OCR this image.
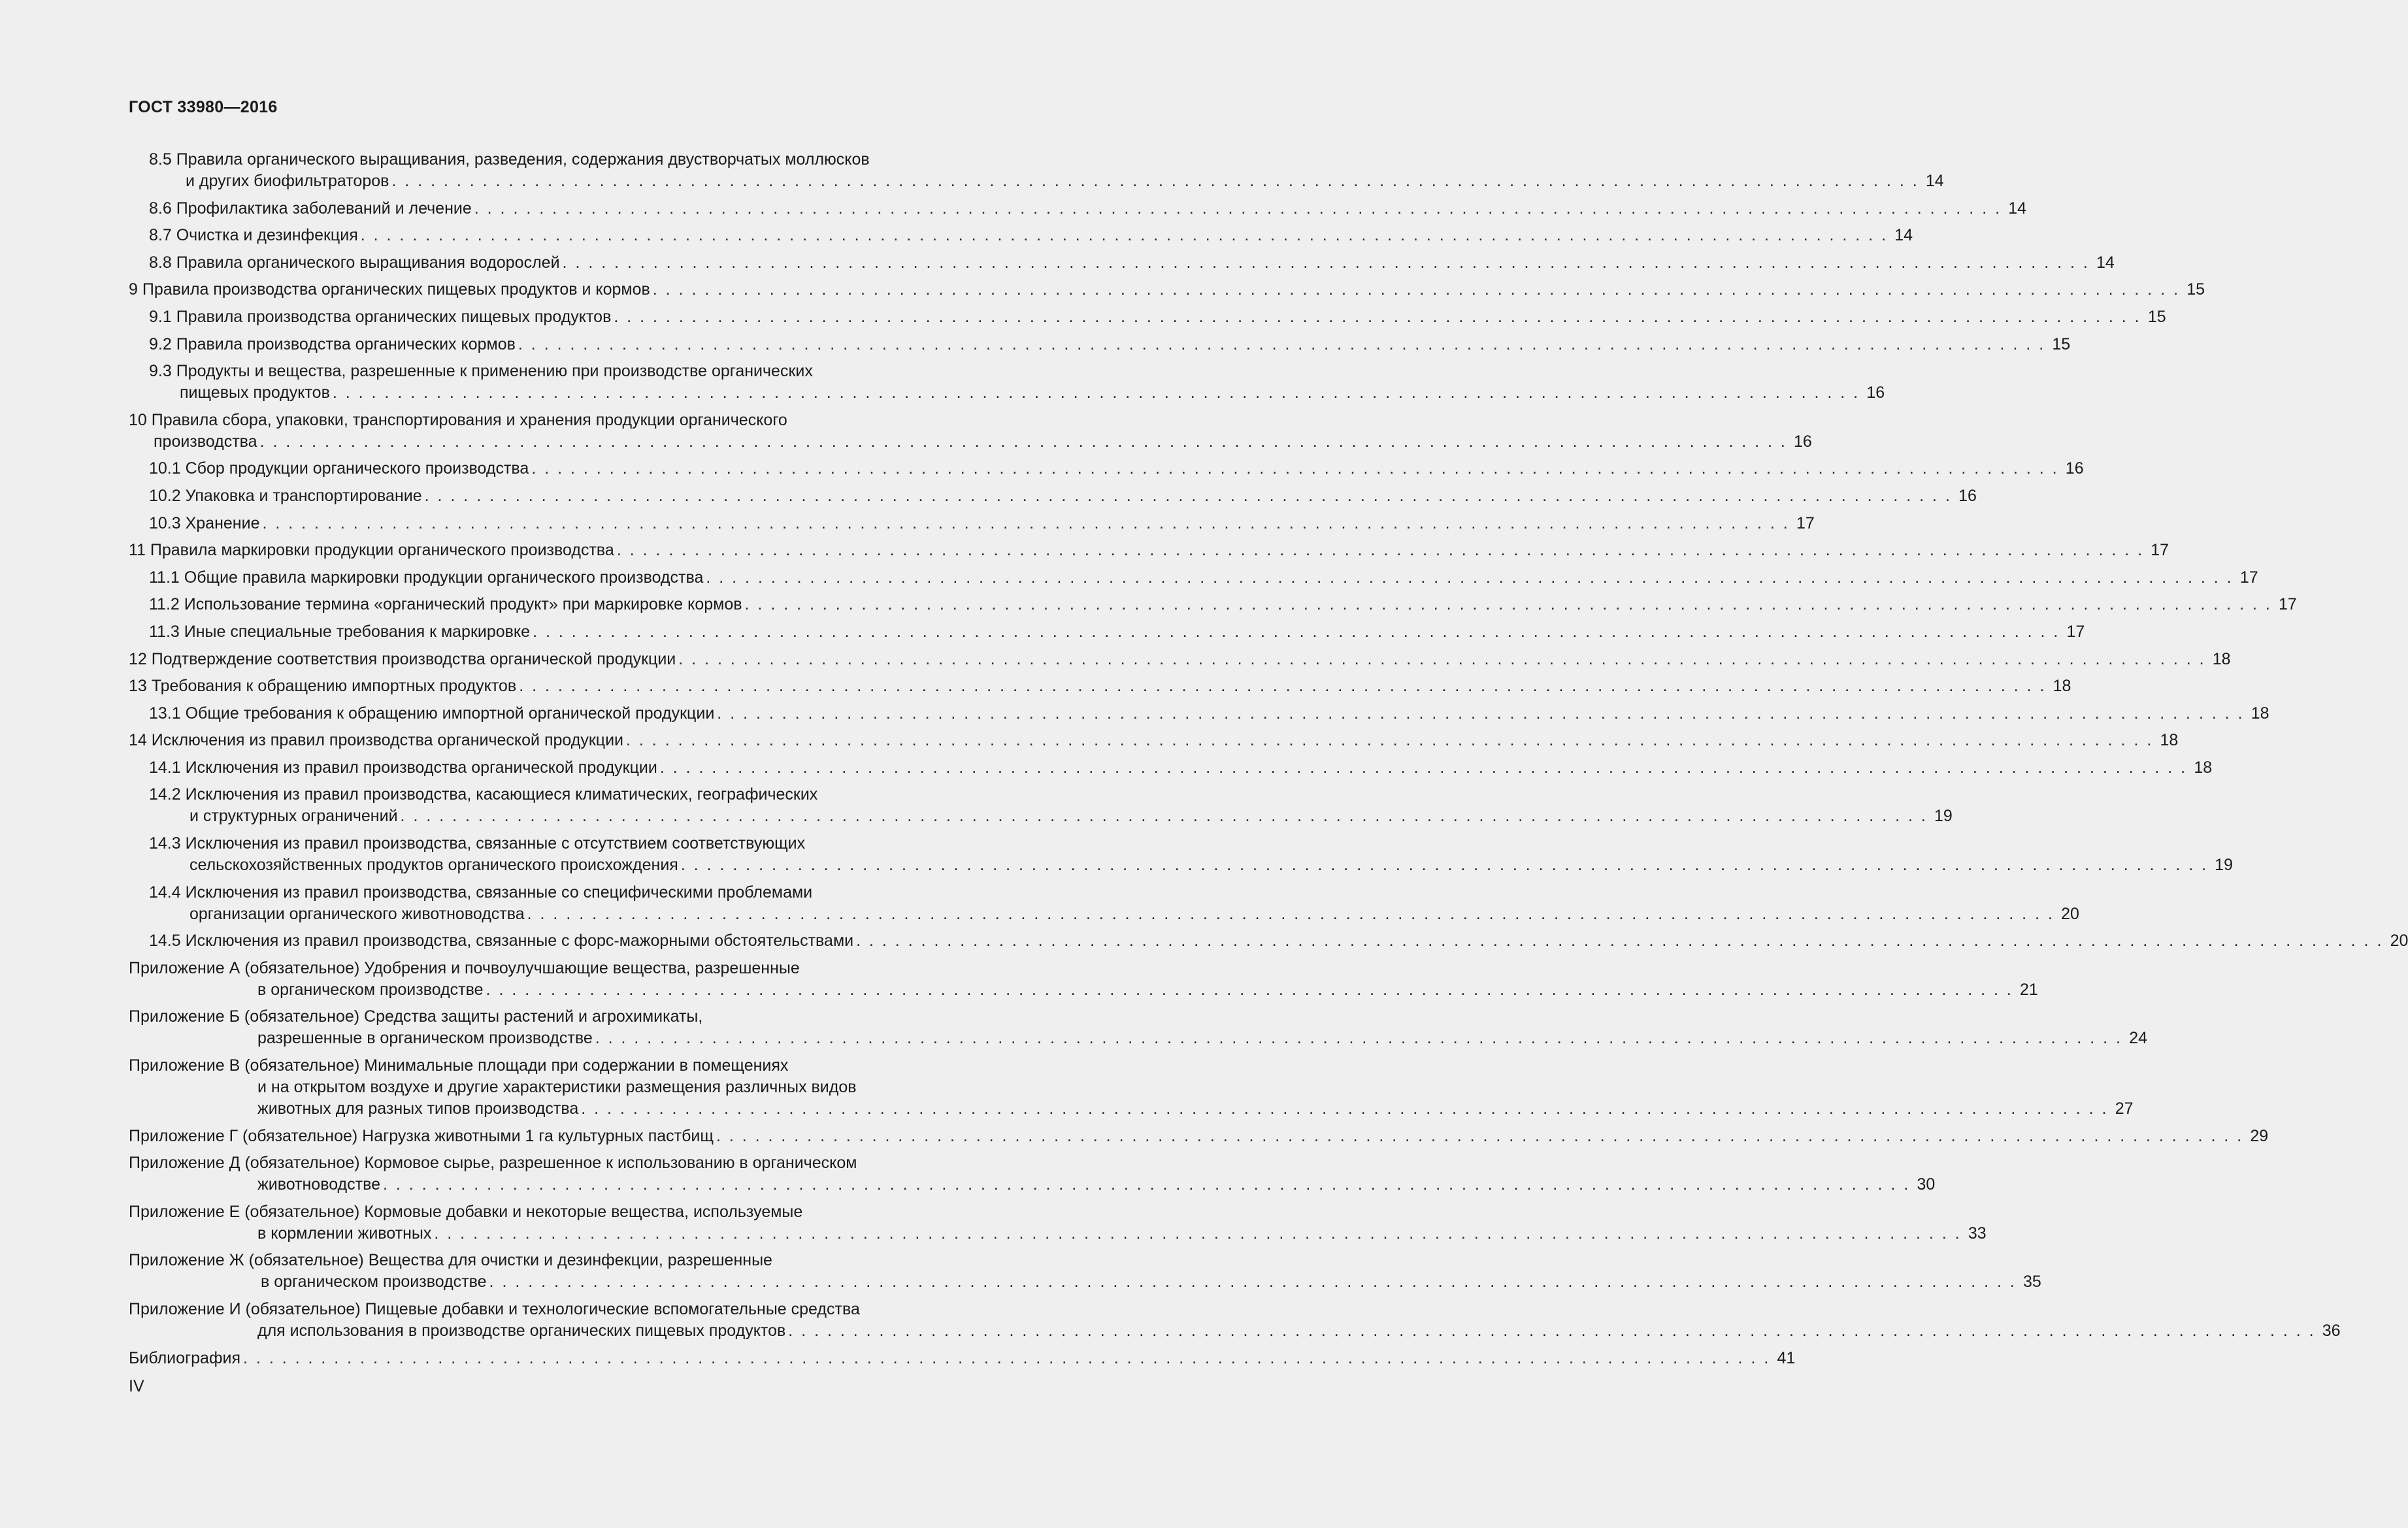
ГОСТ 33980—2016
8.5 Правила органического выращивания, разведения, содержания двустворчатых моллюсков
и других биофильтраторов . . . . . . . . . . . . . . . . . . . . . . . . . . . . . . . . . . . . . . . . . . . . . . . . . . . . . . . . . . . . . . . . . . . . . . . . . . . . . . . . . . . . . . . . . . . . . . . . . . . . . . . . . . . . . . . . . . . . . . 14
8.6 Профилактика заболеваний и лечение . . . . . . . . . . . . . . . . . . . . . . . . . . . . . . . . . . . . . . . . . . . . . . . . . . . . . . . . . . . . . . . . . . . . . . . . . . . . . . . . . . . . . . . . . . . . . . . . . . . . . . . . . . . . . . . . . . . . . . 14
8.7 Очистка и дезинфекция . . . . . . . . . . . . . . . . . . . . . . . . . . . . . . . . . . . . . . . . . . . . . . . . . . . . . . . . . . . . . . . . . . . . . . . . . . . . . . . . . . . . . . . . . . . . . . . . . . . . . . . . . . . . . . . . . . . . . . 14
8.8 Правила органического выращивания водорослей . . . . . . . . . . . . . . . . . . . . . . . . . . . . . . . . . . . . . . . . . . . . . . . . . . . . . . . . . . . . . . . . . . . . . . . . . . . . . . . . . . . . . . . . . . . . . . . . . . . . . . . . . . . . . . . . . . . . . . 14
9 Правила производства органических пищевых продуктов и кормов . . . . . . . . . . . . . . . . . . . . . . . . . . . . . . . . . . . . . . . . . . . . . . . . . . . . . . . . . . . . . . . . . . . . . . . . . . . . . . . . . . . . . . . . . . . . . . . . . . . . . . . . . . . . . . . . . . . . . . 15
9.1 Правила производства органических пищевых продуктов . . . . . . . . . . . . . . . . . . . . . . . . . . . . . . . . . . . . . . . . . . . . . . . . . . . . . . . . . . . . . . . . . . . . . . . . . . . . . . . . . . . . . . . . . . . . . . . . . . . . . . . . . . . . . . . . . . . . . . 15
9.2 Правила производства органических кормов . . . . . . . . . . . . . . . . . . . . . . . . . . . . . . . . . . . . . . . . . . . . . . . . . . . . . . . . . . . . . . . . . . . . . . . . . . . . . . . . . . . . . . . . . . . . . . . . . . . . . . . . . . . . . . . . . . . . . . 15
9.3 Продукты и вещества, разрешенные к применению при производстве органических
пищевых продуктов . . . . . . . . . . . . . . . . . . . . . . . . . . . . . . . . . . . . . . . . . . . . . . . . . . . . . . . . . . . . . . . . . . . . . . . . . . . . . . . . . . . . . . . . . . . . . . . . . . . . . . . . . . . . . . . . . . . . . . 16
10 Правила сбора, упаковки, транспортирования и хранения продукции органического
производства . . . . . . . . . . . . . . . . . . . . . . . . . . . . . . . . . . . . . . . . . . . . . . . . . . . . . . . . . . . . . . . . . . . . . . . . . . . . . . . . . . . . . . . . . . . . . . . . . . . . . . . . . . . . . . . . . . . . . . 16
10.1 Сбор продукции органического производства . . . . . . . . . . . . . . . . . . . . . . . . . . . . . . . . . . . . . . . . . . . . . . . . . . . . . . . . . . . . . . . . . . . . . . . . . . . . . . . . . . . . . . . . . . . . . . . . . . . . . . . . . . . . . . . . . . . . . . 16
10.2 Упаковка и транспортирование . . . . . . . . . . . . . . . . . . . . . . . . . . . . . . . . . . . . . . . . . . . . . . . . . . . . . . . . . . . . . . . . . . . . . . . . . . . . . . . . . . . . . . . . . . . . . . . . . . . . . . . . . . . . . . . . . . . . . . 16
10.3 Хранение . . . . . . . . . . . . . . . . . . . . . . . . . . . . . . . . . . . . . . . . . . . . . . . . . . . . . . . . . . . . . . . . . . . . . . . . . . . . . . . . . . . . . . . . . . . . . . . . . . . . . . . . . . . . . . . . . . . . . . 17
11 Правила маркировки продукции органического производства . . . . . . . . . . . . . . . . . . . . . . . . . . . . . . . . . . . . . . . . . . . . . . . . . . . . . . . . . . . . . . . . . . . . . . . . . . . . . . . . . . . . . . . . . . . . . . . . . . . . . . . . . . . . . . . . . . . . . . 17
11.1 Общие правила маркировки продукции органического производства . . . . . . . . . . . . . . . . . . . . . . . . . . . . . . . . . . . . . . . . . . . . . . . . . . . . . . . . . . . . . . . . . . . . . . . . . . . . . . . . . . . . . . . . . . . . . . . . . . . . . . . . . . . . . . . . . . . . . . 17
11.2 Использование термина «органический продукт» при маркировке кормов . . . . . . . . . . . . . . . . . . . . . . . . . . . . . . . . . . . . . . . . . . . . . . . . . . . . . . . . . . . . . . . . . . . . . . . . . . . . . . . . . . . . . . . . . . . . . . . . . . . . . . . . . . . . . . . . . . . . . . 17
11.3 Иные специальные требования к маркировке . . . . . . . . . . . . . . . . . . . . . . . . . . . . . . . . . . . . . . . . . . . . . . . . . . . . . . . . . . . . . . . . . . . . . . . . . . . . . . . . . . . . . . . . . . . . . . . . . . . . . . . . . . . . . . . . . . . . . . 17
12 Подтверждение соответствия производства органической продукции . . . . . . . . . . . . . . . . . . . . . . . . . . . . . . . . . . . . . . . . . . . . . . . . . . . . . . . . . . . . . . . . . . . . . . . . . . . . . . . . . . . . . . . . . . . . . . . . . . . . . . . . . . . . . . . . . . . . . . 18
13 Требования к обращению импортных продуктов . . . . . . . . . . . . . . . . . . . . . . . . . . . . . . . . . . . . . . . . . . . . . . . . . . . . . . . . . . . . . . . . . . . . . . . . . . . . . . . . . . . . . . . . . . . . . . . . . . . . . . . . . . . . . . . . . . . . . . 18
13.1 Общие требования к обращению импортной органической продукции . . . . . . . . . . . . . . . . . . . . . . . . . . . . . . . . . . . . . . . . . . . . . . . . . . . . . . . . . . . . . . . . . . . . . . . . . . . . . . . . . . . . . . . . . . . . . . . . . . . . . . . . . . . . . . . . . . . . . . 18
14 Исключения из правил производства органической продукции . . . . . . . . . . . . . . . . . . . . . . . . . . . . . . . . . . . . . . . . . . . . . . . . . . . . . . . . . . . . . . . . . . . . . . . . . . . . . . . . . . . . . . . . . . . . . . . . . . . . . . . . . . . . . . . . . . . . . . 18
14.1 Исключения из правил производства органической продукции . . . . . . . . . . . . . . . . . . . . . . . . . . . . . . . . . . . . . . . . . . . . . . . . . . . . . . . . . . . . . . . . . . . . . . . . . . . . . . . . . . . . . . . . . . . . . . . . . . . . . . . . . . . . . . . . . . . . . . 18
14.2 Исключения из правил производства, касающиеся климатических, географических
и структурных ограничений . . . . . . . . . . . . . . . . . . . . . . . . . . . . . . . . . . . . . . . . . . . . . . . . . . . . . . . . . . . . . . . . . . . . . . . . . . . . . . . . . . . . . . . . . . . . . . . . . . . . . . . . . . . . . . . . . . . . . . 19
14.3 Исключения из правил производства, связанные с отсутствием соответствующих
сельскохозяйственных продуктов органического происхождения . . . . . . . . . . . . . . . . . . . . . . . . . . . . . . . . . . . . . . . . . . . . . . . . . . . . . . . . . . . . . . . . . . . . . . . . . . . . . . . . . . . . . . . . . . . . . . . . . . . . . . . . . . . . . . . . . . . . . . 19
14.4 Исключения из правил производства, связанные со специфическими проблемами
организации органического животноводства . . . . . . . . . . . . . . . . . . . . . . . . . . . . . . . . . . . . . . . . . . . . . . . . . . . . . . . . . . . . . . . . . . . . . . . . . . . . . . . . . . . . . . . . . . . . . . . . . . . . . . . . . . . . . . . . . . . . . . 20
14.5 Исключения из правил производства, связанные с форс-мажорными обстоятельствами . . . . . . . . . . . . . . . . . . . . . . . . . . . . . . . . . . . . . . . . . . . . . . . . . . . . . . . . . . . . . . . . . . . . . . . . . . . . . . . . . . . . . . . . . . . . . . . . . . . . . . . . . . . . . . . . . . . . . . 20
Приложение А (обязательное) Удобрения и почвоулучшающие вещества, разрешенные
в органическом производстве . . . . . . . . . . . . . . . . . . . . . . . . . . . . . . . . . . . . . . . . . . . . . . . . . . . . . . . . . . . . . . . . . . . . . . . . . . . . . . . . . . . . . . . . . . . . . . . . . . . . . . . . . . . . . . . . . . . . . . 21
Приложение Б (обязательное) Средства защиты растений и агрохимикаты,
разрешенные в органическом производстве . . . . . . . . . . . . . . . . . . . . . . . . . . . . . . . . . . . . . . . . . . . . . . . . . . . . . . . . . . . . . . . . . . . . . . . . . . . . . . . . . . . . . . . . . . . . . . . . . . . . . . . . . . . . . . . . . . . . . . 24
Приложение В (обязательное) Минимальные площади при содержании в помещениях
и на открытом воздухе и другие характеристики размещения различных видов
животных для разных типов производства . . . . . . . . . . . . . . . . . . . . . . . . . . . . . . . . . . . . . . . . . . . . . . . . . . . . . . . . . . . . . . . . . . . . . . . . . . . . . . . . . . . . . . . . . . . . . . . . . . . . . . . . . . . . . . . . . . . . . . 27
Приложение Г (обязательное) Нагрузка животными 1 га культурных пастбищ . . . . . . . . . . . . . . . . . . . . . . . . . . . . . . . . . . . . . . . . . . . . . . . . . . . . . . . . . . . . . . . . . . . . . . . . . . . . . . . . . . . . . . . . . . . . . . . . . . . . . . . . . . . . . . . . . . . . . . 29
Приложение Д (обязательное) Кормовое сырье, разрешенное к использованию в органическом
животноводстве . . . . . . . . . . . . . . . . . . . . . . . . . . . . . . . . . . . . . . . . . . . . . . . . . . . . . . . . . . . . . . . . . . . . . . . . . . . . . . . . . . . . . . . . . . . . . . . . . . . . . . . . . . . . . . . . . . . . . . 30
Приложение Е (обязательное) Кормовые добавки и некоторые вещества, используемые
в кормлении животных . . . . . . . . . . . . . . . . . . . . . . . . . . . . . . . . . . . . . . . . . . . . . . . . . . . . . . . . . . . . . . . . . . . . . . . . . . . . . . . . . . . . . . . . . . . . . . . . . . . . . . . . . . . . . . . . . . . . . . 33
Приложение Ж (обязательное) Вещества для очистки и дезинфекции, разрешенные
в органическом производстве . . . . . . . . . . . . . . . . . . . . . . . . . . . . . . . . . . . . . . . . . . . . . . . . . . . . . . . . . . . . . . . . . . . . . . . . . . . . . . . . . . . . . . . . . . . . . . . . . . . . . . . . . . . . . . . . . . . . . . 35
Приложение И (обязательное) Пищевые добавки и технологические вспомогательные средства
для использования в производстве органических пищевых продуктов . . . . . . . . . . . . . . . . . . . . . . . . . . . . . . . . . . . . . . . . . . . . . . . . . . . . . . . . . . . . . . . . . . . . . . . . . . . . . . . . . . . . . . . . . . . . . . . . . . . . . . . . . . . . . . . . . . . . . . 36
Библиография . . . . . . . . . . . . . . . . . . . . . . . . . . . . . . . . . . . . . . . . . . . . . . . . . . . . . . . . . . . . . . . . . . . . . . . . . . . . . . . . . . . . . . . . . . . . . . . . . . . . . . . . . . . . . . . . . . . . . . 41
IV
